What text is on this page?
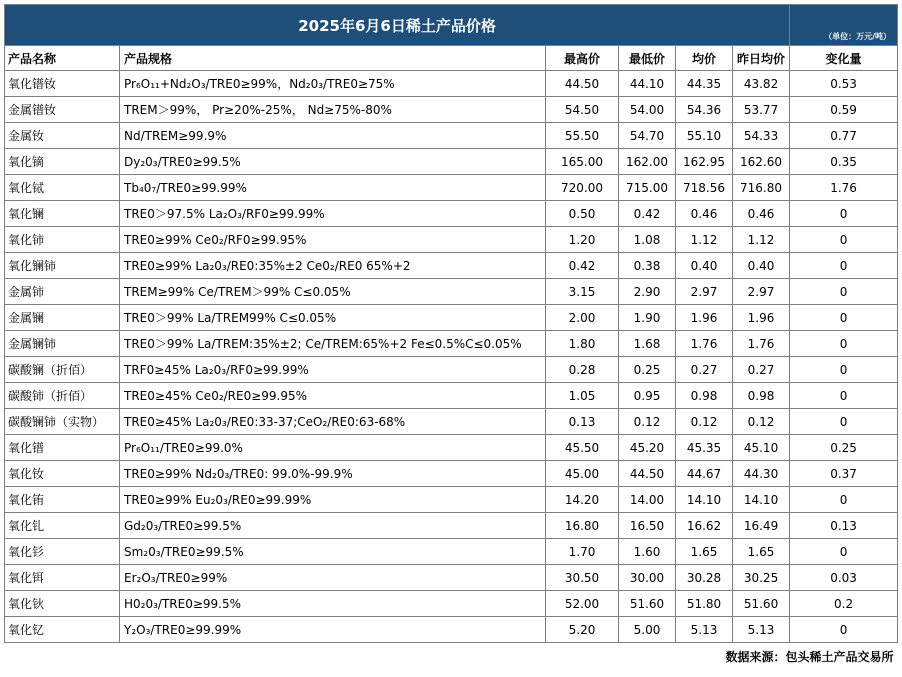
2025年6月6日稀土产品价格						（单位：万元/吨）
产品名称	产品规格	最高价	最低价	均价	昨日均价	变化量
氧化镨钕	Pr₆O₁₁+Nd₂O₃/TRE0≥99%，Nd₂0₃/TRE0≥75%	44.50	44.10	44.35	43.82	0.53
金属镨钕	TREM＞99%， Pr≥20%-25%， Nd≥75%-80%	54.50	54.00	54.36	53.77	0.59
金属钕	Nd/TREM≥99.9%	55.50	54.70	55.10	54.33	0.77
氧化镝	Dy₂0₃/TRE0≥99.5%	165.00	162.00	162.95	162.60	0.35
氧化铽	Tb₄0₇/TRE0≥99.99%	720.00	715.00	718.56	716.80	1.76
氧化镧	TRE0＞97.5% La₂O₃/RF0≥99.99%	0.50	0.42	0.46	0.46	0
氧化铈	TRE0≥99% Ce0₂/RF0≥99.95%	1.20	1.08	1.12	1.12	0
氧化镧铈	TRE0≥99% La₂0₃/RE0:35%±2 Ce0₂/RE0 65%+2	0.42	0.38	0.40	0.40	0
金属铈	TREM≥99% Ce/TREM＞99% C≤0.05%	3.15	2.90	2.97	2.97	0
金属镧	TRE0＞99% La/TREM99% C≤0.05%	2.00	1.90	1.96	1.96	0
金属镧铈	TRE0＞99% La/TREM:35%±2; Ce/TREM:65%+2 Fe≤0.5%C≤0.05%	1.80	1.68	1.76	1.76	0
碳酸镧（折佰）	TRF0≥45% La₂0₃/RF0≥99.99%	0.28	0.25	0.27	0.27	0
碳酸铈（折佰）	TRE0≥45% Ce0₂/RE0≥99.95%	1.05	0.95	0.98	0.98	0
碳酸镧铈（实物）	TRE0≥45% La₂0₃/RE0:33-37;CeO₂/RE0:63-68%	0.13	0.12	0.12	0.12	0
氧化镨	Pr₆O₁₁/TRE0≥99.0%	45.50	45.20	45.35	45.10	0.25
氧化钕	TRE0≥99% Nd₂0₃/TRE0: 99.0%-99.9%	45.00	44.50	44.67	44.30	0.37
氧化铕	TRE0≥99% Eu₂0₃/RE0≥99.99%	14.20	14.00	14.10	14.10	0
氧化钆	Gd₂0₃/TRE0≥99.5%	16.80	16.50	16.62	16.49	0.13
氧化钐	Sm₂0₃/TRE0≥99.5%	1.70	1.60	1.65	1.65	0
氧化铒	Er₂O₃/TRE0≥99%	30.50	30.00	30.28	30.25	0.03
氧化钬	H0₂0₃/TRE0≥99.5%	52.00	51.60	51.80	51.60	0.2
氧化钇	Y₂O₃/TRE0≥99.99%	5.20	5.00	5.13	5.13	0
数据来源：包头稀土产品交易所						
